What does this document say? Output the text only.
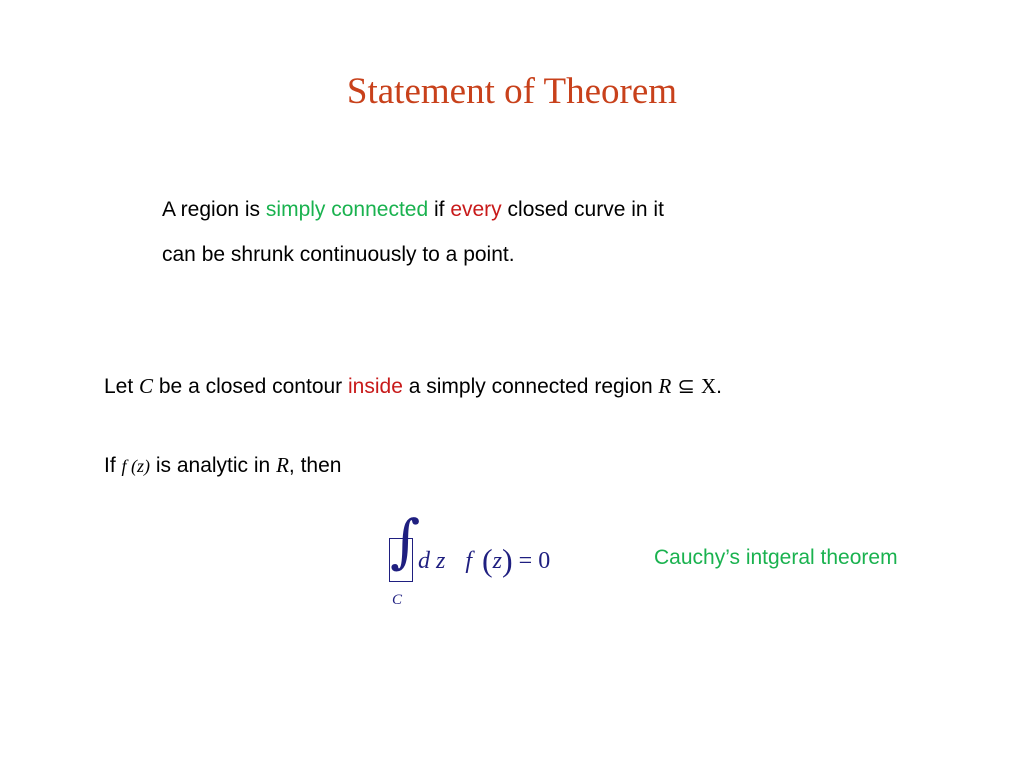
Statement of Theorem
A region is simply connected if every closed curve in it
can be shrunk continuously to a point.
Let C be a closed contour inside a simply connected region R ⊆ X.
If f (z) is analytic in R, then
∫
C
d z f (z) = 0	Cauchy’s intgeral theorem
